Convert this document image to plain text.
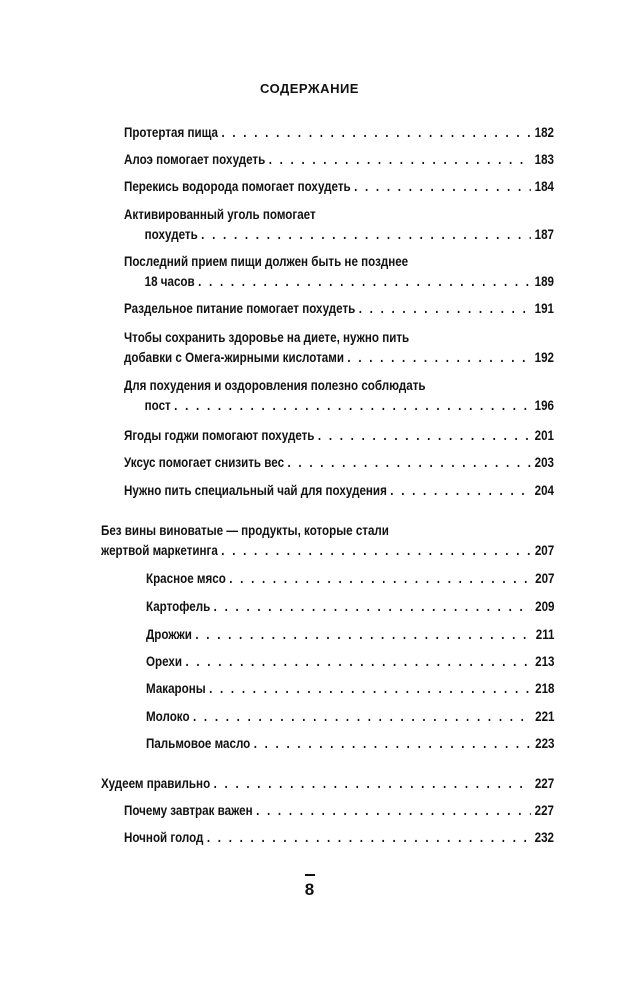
СОДЕРЖАНИЕ
Протертая пища . . .	182
Алоэ помогает похудеть . . .	183
Перекись водорода помогает похудеть . . .	184
Активированный уголь помогает
похудеть . . .	187
Последний прием пищи должен быть не позднее
18 часов . . .	189
Раздельное питание помогает похудеть . . .	191
Чтобы сохранить здоровье на диете, нужно пить
добавки с Омега-жирными кислотами . . .	192
Для похудения и оздоровления полезно соблюдать
пост . . .	196
Ягоды годжи помогают похудеть . . .	201
Уксус помогает снизить вес . . .	203
Нужно пить специальный чай для похудения . . .	204
Без вины виноватые — продукты, которые стали
жертвой маркетинга . . .	207
Красное мясо . . .	207
Картофель . . .	209
Дрожжи . . .	211
Орехи . . .	213
Макароны . . .	218
Молоко . . .	221
Пальмовое масло . . .	223
Худеем правильно . . .	227
Почему завтрак важен . . .	227
Ночной голод . . .	232
8
